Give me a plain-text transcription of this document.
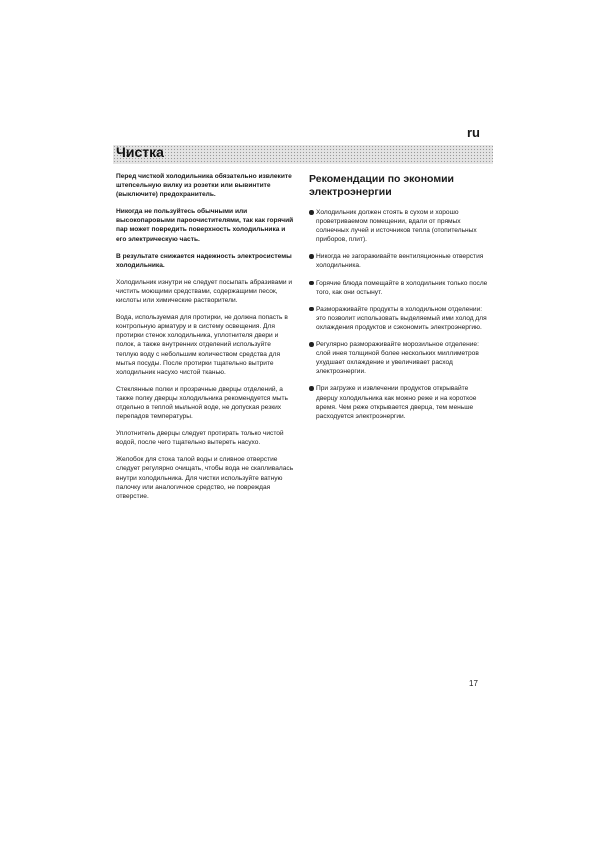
ru
Чистка

Перед чисткой холодильника обязательно извлеките штепсельную вилку из розетки или вывинтите (выключите) предохранитель.

Никогда не пользуйтесь обычными или высокопаровыми пароочистителями, так как горячий пар может повредить поверхность холодильника и его электрическую часть.

В результате снижается надежность электросистемы холодильника.

Холодильник изнутри не следует посыпать абразивами и чистить моющими средствами, содержащими песок, кислоты или химические растворители.

Вода, используемая для протирки, не должна попасть в контрольную арматуру и в систему освещения. Для протирки стенок холодильника, уплотнителя двери и полок, а также внутренних отделений используйте теплую воду с небольшим количеством средства для мытья посуды. После протирки тщательно вытрите холодильник насухо чистой тканью.

Стеклянные полки и прозрачные дверцы отделений, а также полку дверцы холодильника рекомендуется мыть отдельно в теплой мыльной воде, не допуская резких перепадов температуры.

Уплотнитель дверцы следует протирать только чистой водой, после чего тщательно вытереть насухо.

Желобок для стока талой воды и сливное отверстие следует регулярно очищать, чтобы вода не скапливалась внутри холодильника. Для чистки используйте ватную палочку или аналогичное средство, не повреждая отверстие.

Рекомендации по экономии электроэнергии
Холодильник должен стоять в сухом и хорошо проветриваемом помещении, вдали от прямых солнечных лучей и источников тепла (отопительных приборов, плит).
Никогда не загораживайте вентиляционные отверстия холодильника.
Горячие блюда помещайте в холодильник только после того, как они остынут.
Размораживайте продукты в холодильном отделении: это позволит использовать выделяемый ими холод для охлаждения продуктов и сэкономить электроэнергию.
Регулярно размораживайте морозильное отделение: слой инея толщиной более нескольких миллиметров ухудшает охлаждение и увеличивает расход электроэнергии.
При загрузке и извлечении продуктов открывайте дверцу холодильника как можно реже и на короткое время. Чем реже открывается дверца, тем меньше расходуется электроэнергии.
17
